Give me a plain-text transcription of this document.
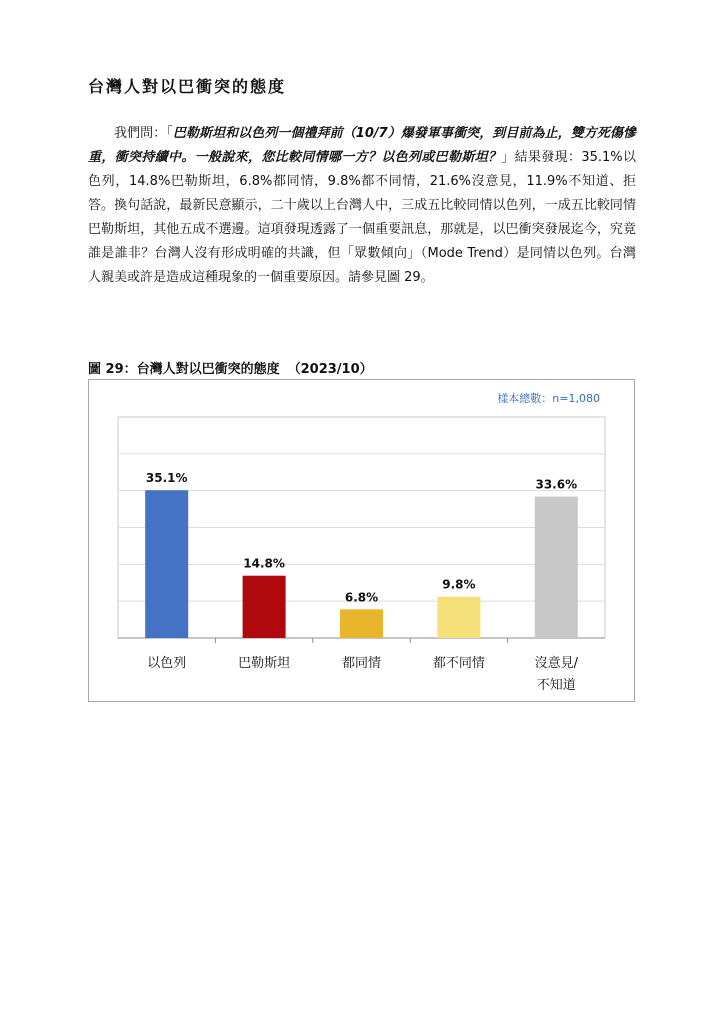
台灣人對以巴衝突的態度

我們問：「巴勒斯坦和以色列一個禮拜前（10/7）爆發軍事衝突，到目前為止，雙方死傷慘重，衝突持續中。一般說來，您比較同情哪一方？以色列或巴勒斯坦？」結果發現：35.1%以色列，14.8%巴勒斯坦，6.8%都同情，9.8%都不同情，21.6%沒意見，11.9%不知道、拒答。換句話說，最新民意顯示，二十歲以上台灣人中，三成五比較同情以色列，一成五比較同情巴勒斯坦，其他五成不選邊。這項發現透露了一個重要訊息，那就是，以巴衝突發展迄今，究竟誰是誰非？台灣人沒有形成明確的共識，但「眾數傾向」（Mode Trend）是同情以色列。台灣人親美或許是造成這種現象的一個重要原因。請參見圖 29。

圖 29：台灣人對以巴衝突的態度 （2023/10）
樣本總數：n=1,080
35.1%
以色列
14.8%
巴勒斯坦
6.8%
都同情
9.8%
都不同情
33.6%
沒意見/
不知道
